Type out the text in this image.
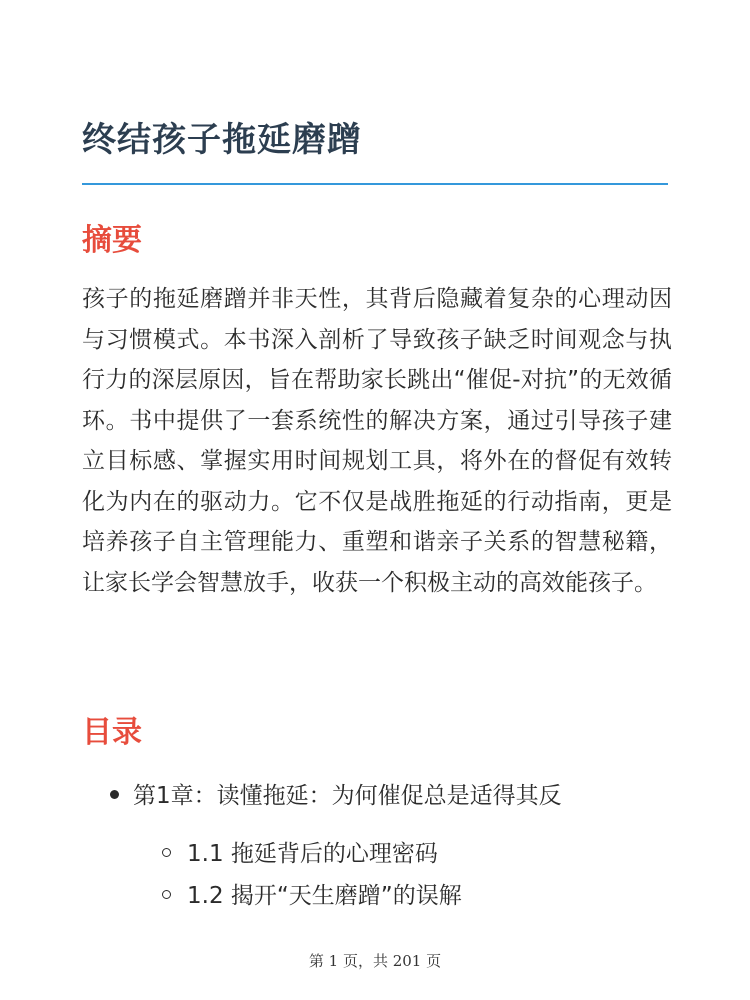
终结孩子拖延磨蹭
摘要

孩子的拖延磨蹭并非天性，其背后隐藏着复杂的心理动因与习惯模式。本书深入剖析了导致孩子缺乏时间观念与执行力的深层原因，旨在帮助家长跳出“催促-对抗”的无效循环。书中提供了一套系统性的解决方案，通过引导孩子建立目标感、掌握实用时间规划工具，将外在的督促有效转化为内在的驱动力。它不仅是战胜拖延的行动指南，更是培养孩子自主管理能力、重塑和谐亲子关系的智慧秘籍，让家长学会智慧放手，收获一个积极主动的高效能孩子。

目录
第1章：读懂拖延：为何催促总是适得其反
1.1 拖延背后的心理密码
1.2 揭开“天生磨蹭”的误解
第 1 页，共 201 页
